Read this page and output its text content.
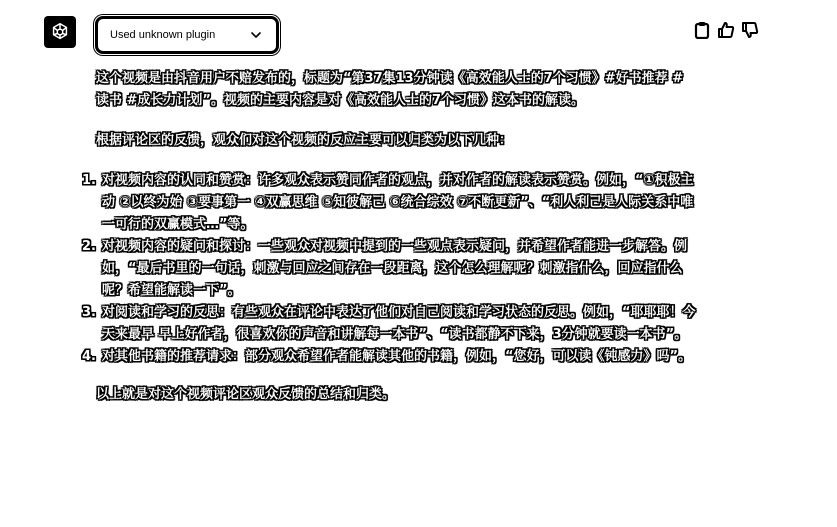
Used unknown plugin

这个视频是由抖音用户不赔发布的，标题为“第37集13分钟读《高效能人士的7个习惯》#好书推荐 #读书 #成长力计划”。视频的主要内容是对《高效能人士的7个习惯》这本书的解读。

根据评论区的反馈，观众们对这个视频的反应主要可以归类为以下几种：

1. 对视频内容的认同和赞赏：许多观众表示赞同作者的观点，并对作者的解读表示赞赏。例如，“①积极主动 ②以终为始 ③要事第一 ④双赢思维 ⑤知彼解己 ⑥统合综效 ⑦不断更新”、“利人利己是人际关系中唯一可行的双赢模式…”等。
2. 对视频内容的疑问和探讨：一些观众对视频中提到的一些观点表示疑问，并希望作者能进一步解答。例如，“最后书里的一句话，刺激与回应之间存在一段距离，这个怎么理解呢？刺激指什么，回应指什么呢？希望能解读一下”。
3. 对阅读和学习的反思：有些观众在评论中表达了他们对自己阅读和学习状态的反思。例如，“耶耶耶！今天来最早 早上好作者，很喜欢你的声音和讲解每一本书”、“读书都静不下来，3分钟就要读一本书”。
4. 对其他书籍的推荐请求：部分观众希望作者能解读其他的书籍，例如，“您好，可以读《钝感力》吗”。

以上就是对这个视频评论区观众反馈的总结和归类。
